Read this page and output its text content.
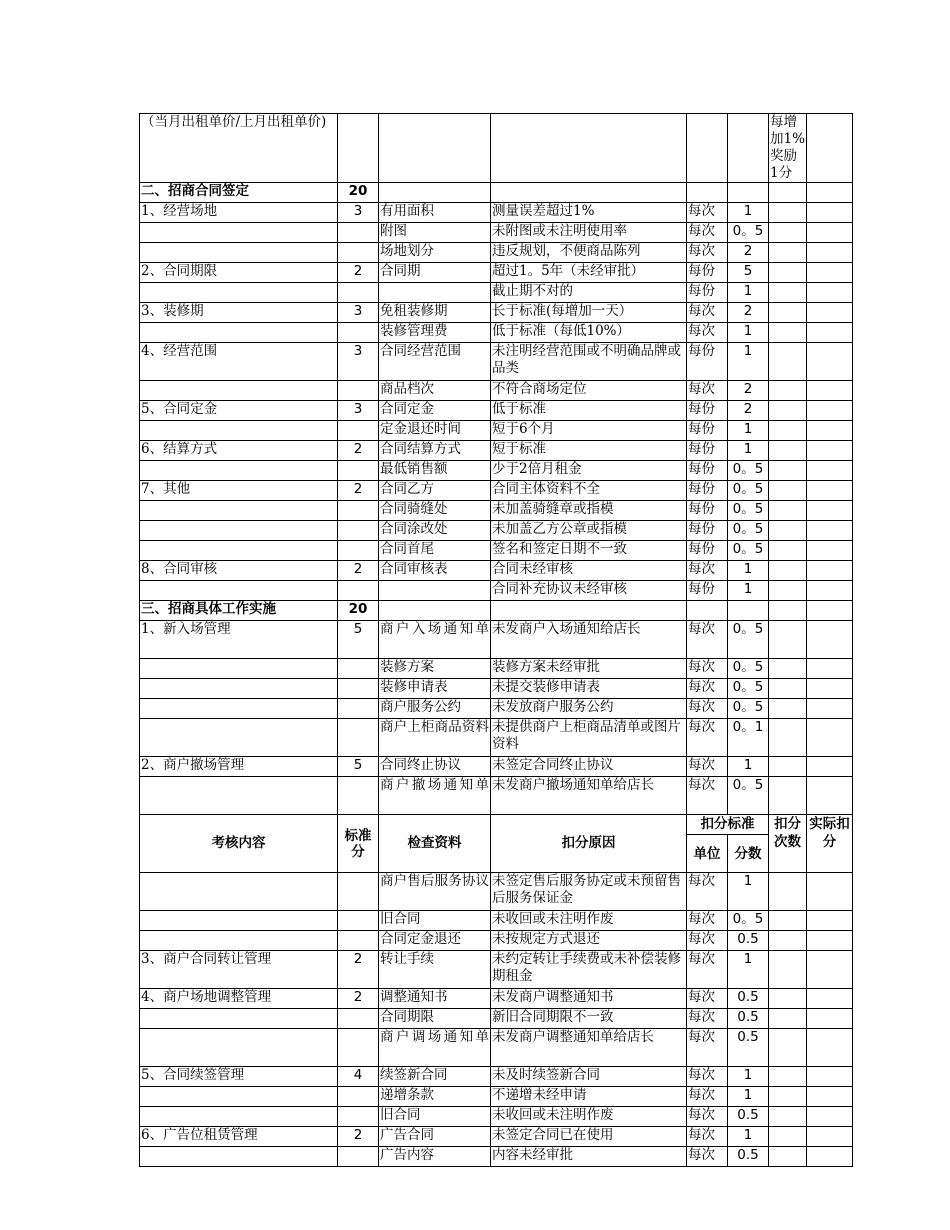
（当月出租单价/上月出租单价)						每增加1%奖励1分	
二、招商合同签定	20						
1、经营场地	3	有用面积	测量误差超过1%	每次	1		
		附图	未附图或未注明使用率	每次	0。5		
		场地划分	违反规划，不便商品陈列	每次	2		
2、合同期限	2	合同期	超过1。5年（未经审批）	每份	5		
			截止期不对的	每份	1		
3、装修期	3	免租装修期	长于标准(每增加一天）	每次	2		
		装修管理费	低于标准（每低10%）	每次	1		
4、经营范围	3	合同经营范围	未注明经营范围或不明确品牌或品类	每份	1		
		商品档次	不符合商场定位	每次	2		
5、合同定金	3	合同定金	低于标准	每份	2		
		定金退还时间	短于6个月	每份	1		
6、结算方式	2	合同结算方式	短于标准	每份	1		
		最低销售额	少于2倍月租金	每份	0。5		
7、其他	2	合同乙方	合同主体资料不全	每份	0。5		
		合同骑缝处	未加盖骑缝章或指模	每份	0。5		
		合同涂改处	未加盖乙方公章或指模	每份	0。5		
		合同首尾	签名和签定日期不一致	每份	0。5		
8、合同审核	2	合同审核表	合同未经审核	每次	1		
			合同补充协议未经审核	每份	1		
三、招商具体工作实施	20						
1、新入场管理	5	商户入场通知单	未发商户入场通知给店长	每次	0。5		
		装修方案	装修方案未经审批	每次	0。5		
		装修申请表	未提交装修申请表	每次	0。5		
		商户服务公约	未发放商户服务公约	每次	0。5		
		商户上柜商品资料	未提供商户上柜商品清单或图片资料	每次	0。1		
2、商户撤场管理	5	合同终止协议	未签定合同终止协议	每次	1		
		商户撤场通知单	未发商户撤场通知单给店长	每次	0。5		
考核内容	标准分	检查资料	扣分原因	扣分标准		扣分次数	实际扣分
				单位	分数		
		商户售后服务协议	未签定售后服务协定或未预留售后服务保证金	每次	1		
		旧合同	未收回或未注明作废	每次	0。5		
		合同定金退还	未按规定方式退还	每次	0.5		
3、商户合同转让管理	2	转让手续	未约定转让手续费或未补偿装修期租金	每次	1		
4、商户场地调整管理	2	调整通知书	未发商户调整通知书	每次	0.5		
		合同期限	新旧合同期限不一致	每次	0.5		
		商户调场通知单	未发商户调整通知单给店长	每次	0.5		
5、合同续签管理	4	续签新合同	未及时续签新合同	每次	1		
		递增条款	不递增未经申请	每次	1		
		旧合同	未收回或未注明作废	每次	0.5		
6、广告位租赁管理	2	广告合同	未签定合同已在使用	每次	1		
		广告内容	内容未经审批	每次	0.5		
